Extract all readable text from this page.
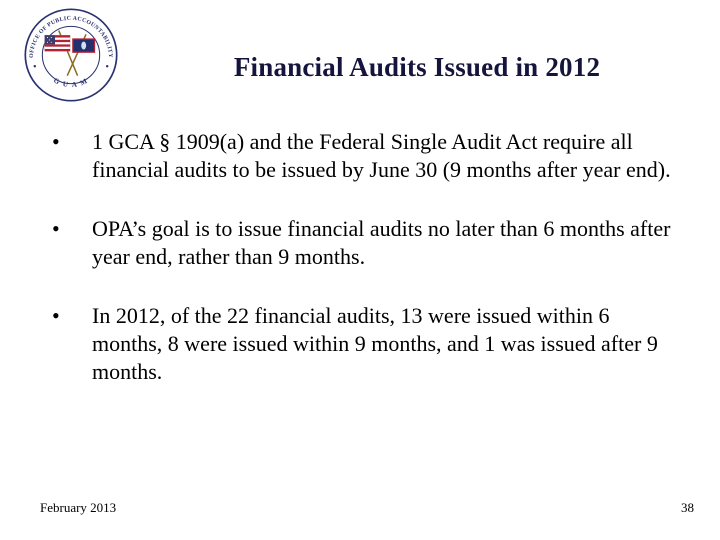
OFFICE OF PUBLIC ACCOUNTABILITY
G U A M	Financial Audits Issued in 2012
•	1 GCA § 1909(a) and the Federal Single Audit Act require all financial audits to be issued by June 30 (9 months after year end).

•	OPA’s goal is to issue financial audits no later than 6 months after year end, rather than 9 months.

•	In 2012, of the 22 financial audits, 13 were issued within 6 months, 8 were issued within 9 months, and 1 was issued after 9 months.

February 2013	38
